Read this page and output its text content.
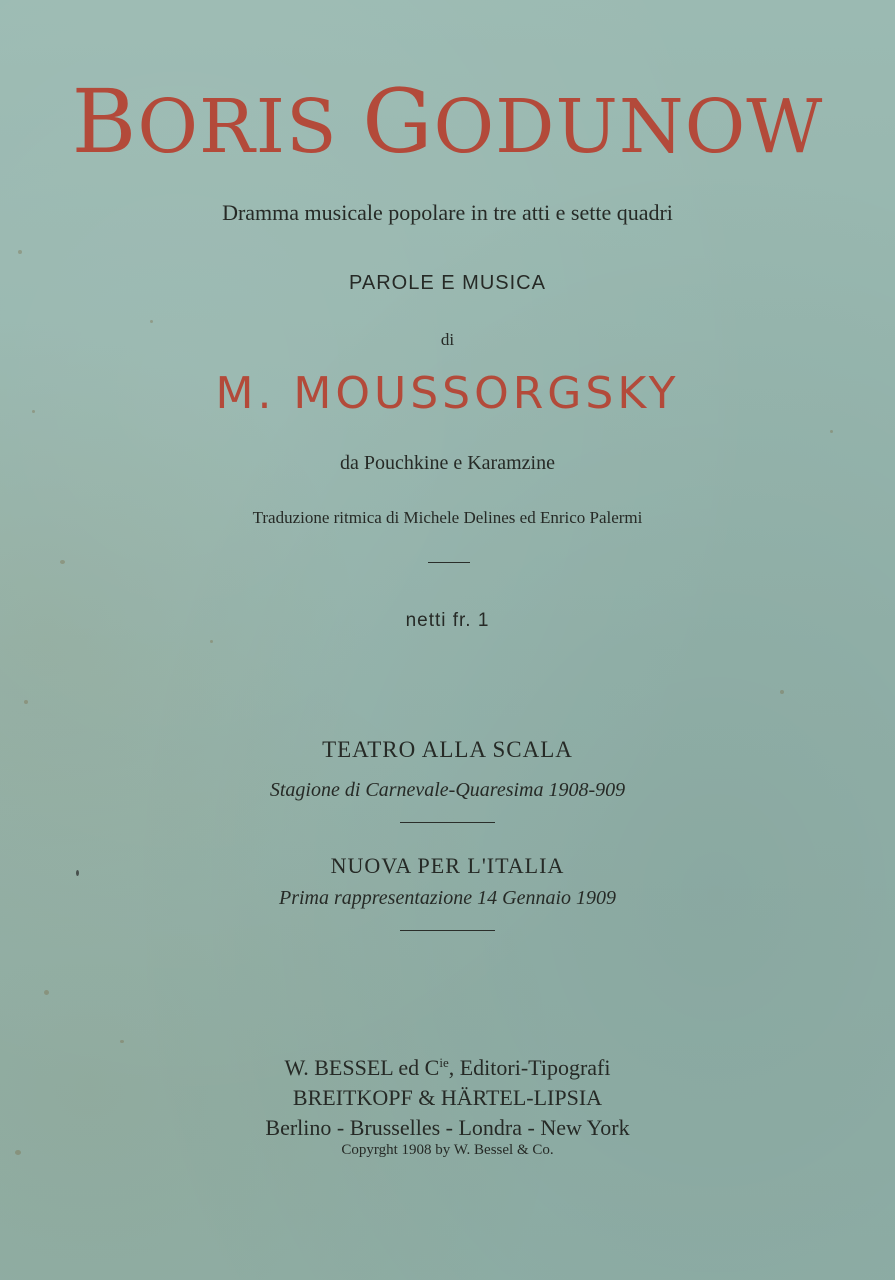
BORIS GODUNOW
Dramma musicale popolare in tre atti e sette quadri
PAROLE E MUSICA
di
M. MOUSSORGSKY
da Pouchkine e Karamzine
Traduzione ritmica di Michele Delines ed Enrico Palermi
netti fr. 1
TEATRO ALLA SCALA
Stagione di Carnevale-Quaresima 1908-909
NUOVA PER L'ITALIA
Prima rappresentazione 14 Gennaio 1909
W. BESSEL ed $C^{ie}$, Editori-Tipografi
BREITKOPF & HÄRTEL-LIPSIA
Berlino - Brusselles - Londra - New York
Copyrght 1908 by W. Bessel & Co.
